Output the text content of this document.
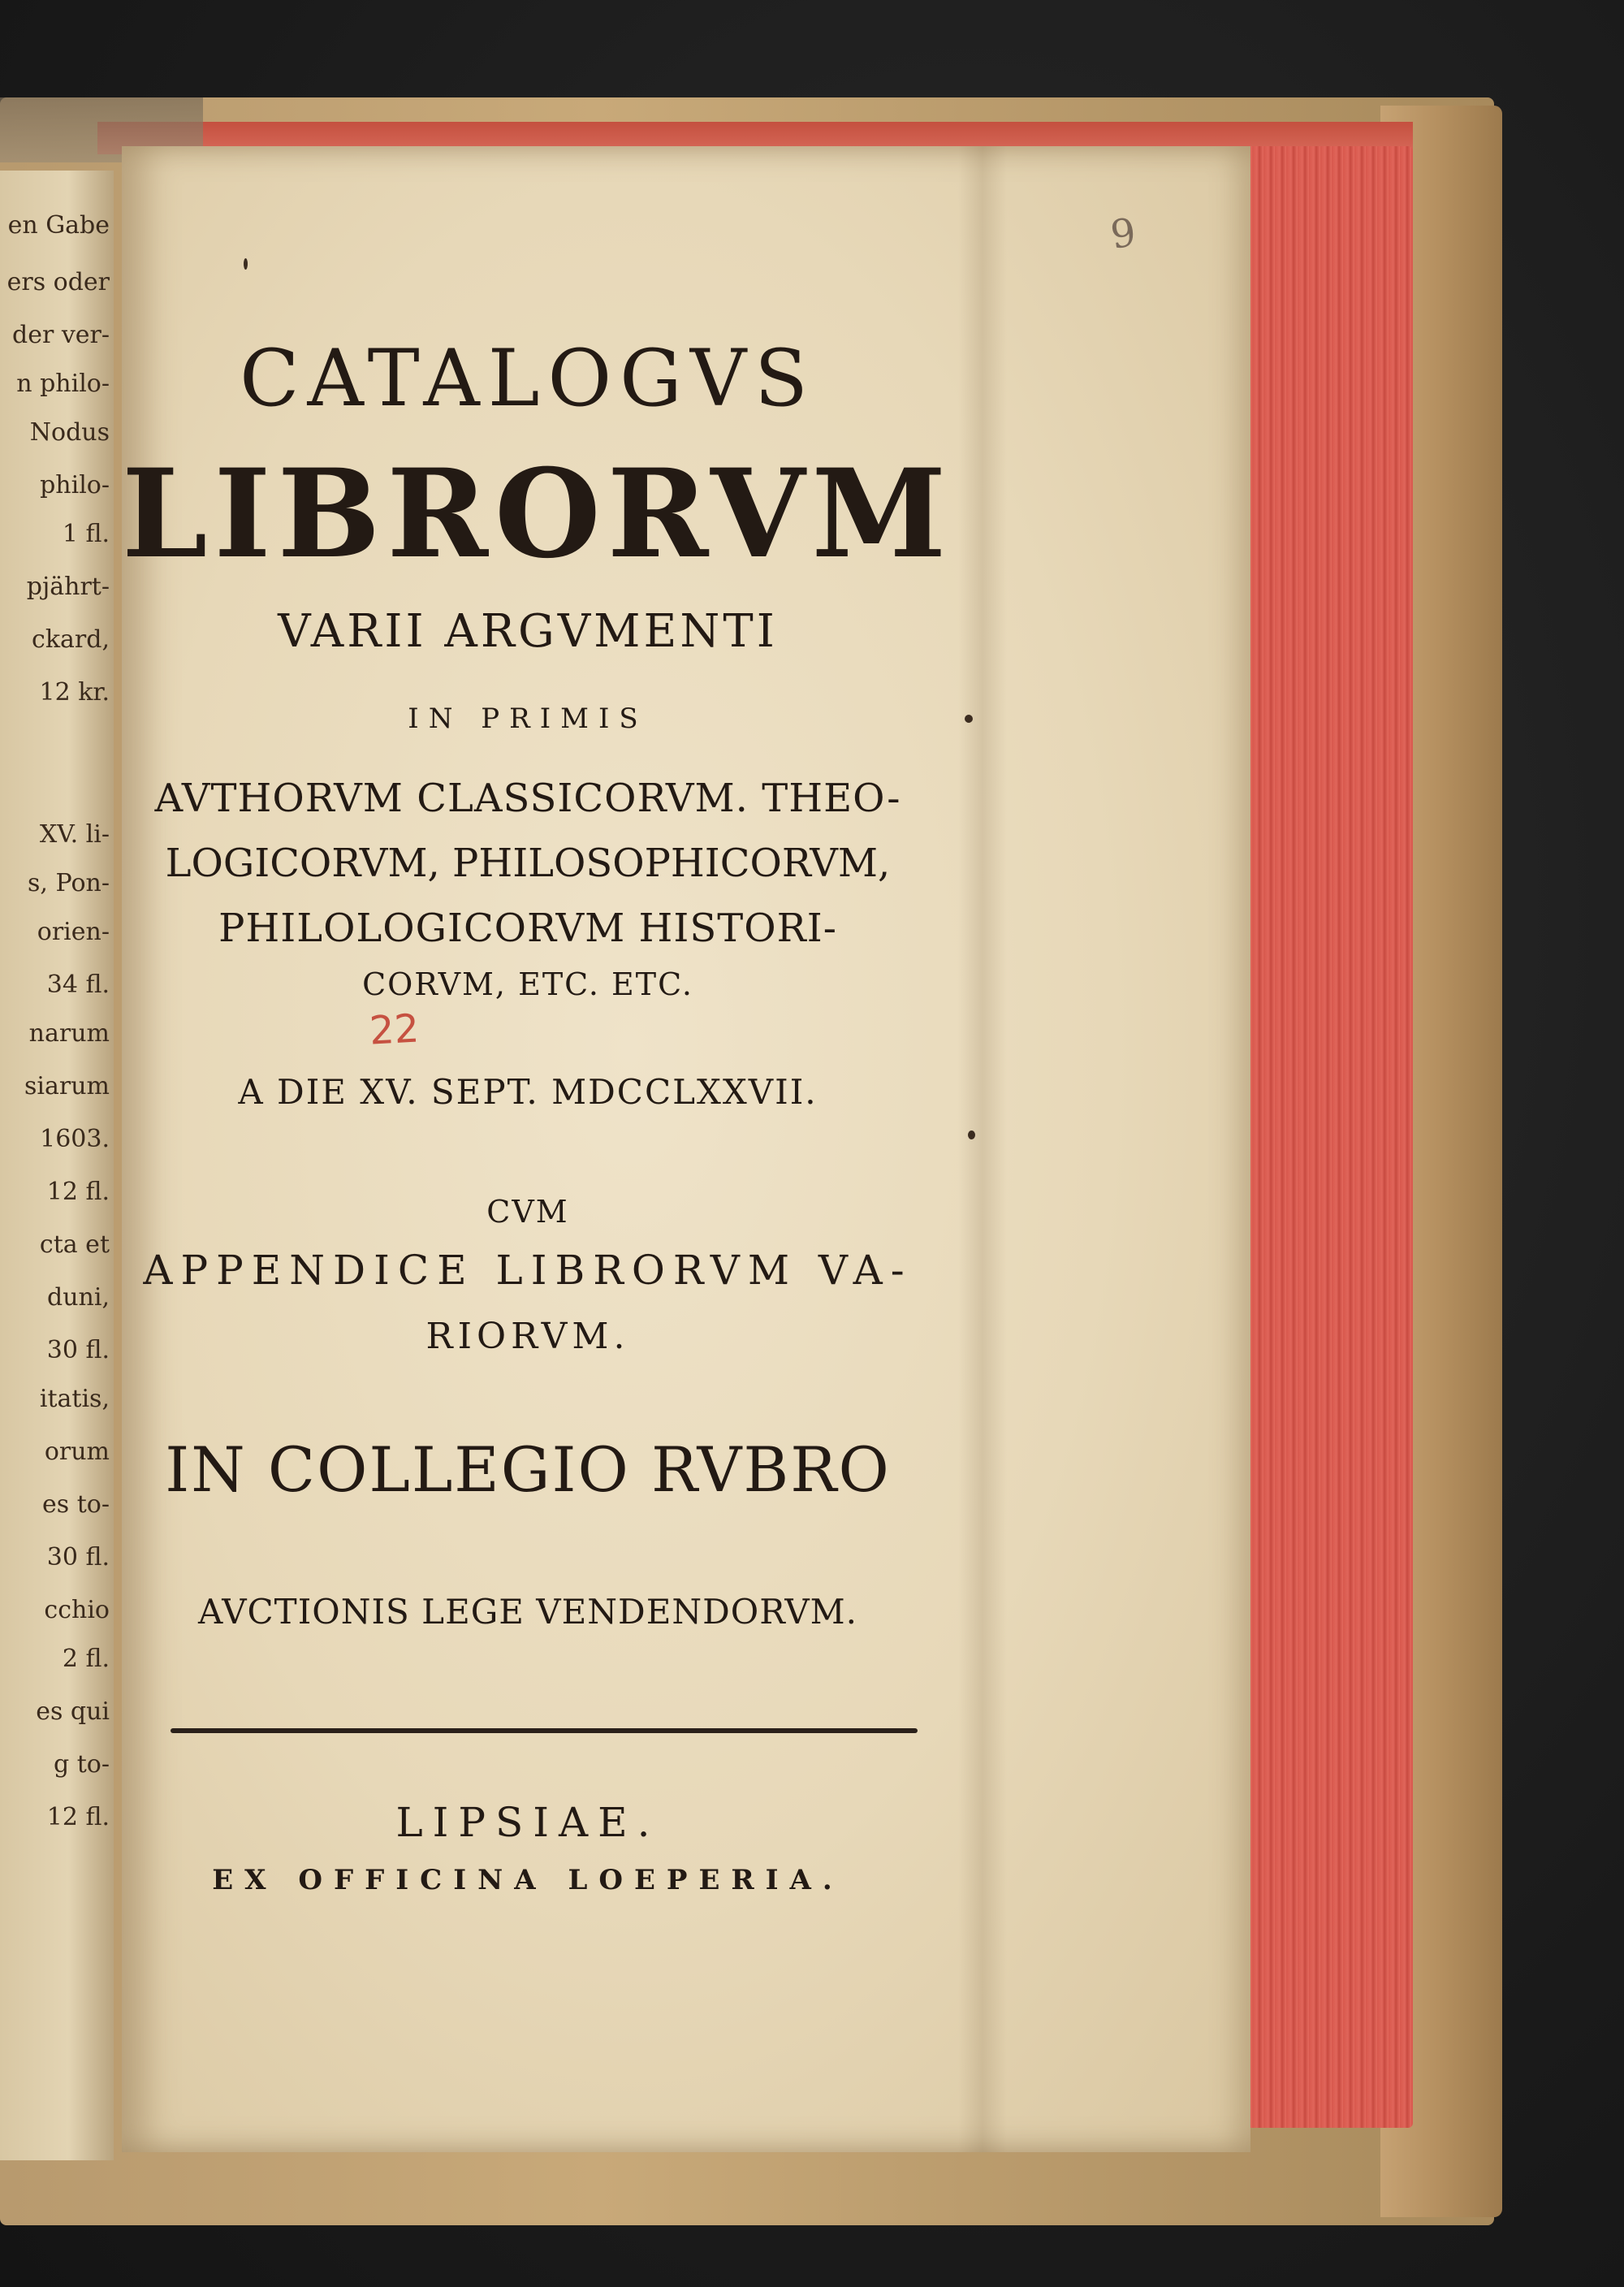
en Gabe
ers oder
der ver-
n philo-
Nodus
philo-
1 fl.
pjährt-
ckard,
12 kr.
XV. li-
s, Pon-
orien-
34 fl.
narum
siarum
1603.
12 fl.
cta et
duni,
30 fl.
itatis,
orum
es to-
30 fl.
cchio
2 fl.
es qui
g to-
12 fl.
9
CATALOGVS
LIBRORVM
VARII ARGVMENTI
IN PRIMIS
AVTHORVM CLASSICORVM. THEO-
LOGICORVM, PHILOSOPHICORVM,
PHILOLOGICORVM HISTORI-
CORVM, ETC. ETC.
22
A DIE XV. SEPT. MDCCLXXVII.
CVM
APPENDICE LIBRORVM VA-
RIORVM.
IN COLLEGIO RVBRO
AVCTIONIS LEGE VENDENDORVM.
LIPSIAE.
EX OFFICINA LOEPERIA.
